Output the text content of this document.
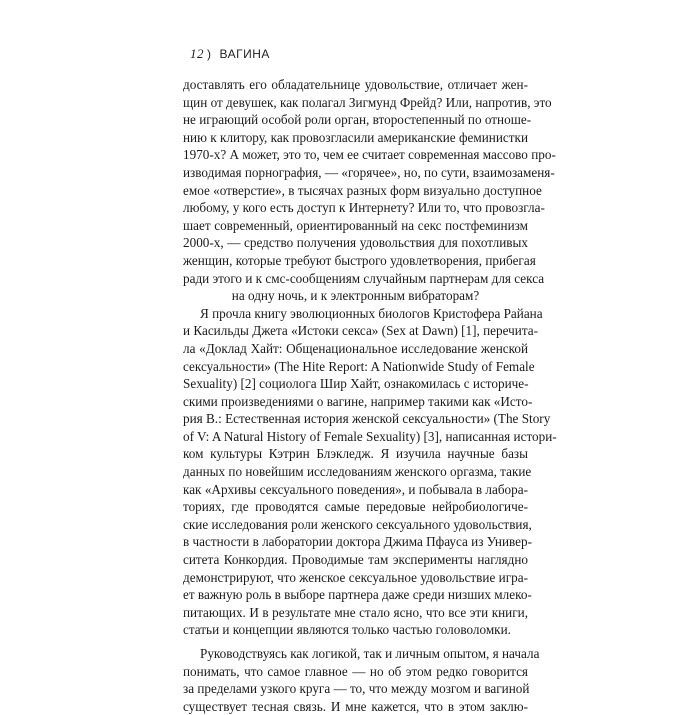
12 ) ВАГИНА
доставлять его обладательнице удовольствие, отличает жен-
щин от девушек, как полагал Зигмунд Фрейд? Или, напротив, это
не играющий особой роли орган, второстепенный по отноше-
нию к клитору, как провозгласили американские феминистки
1970-х? А может, это то, чем ее считает современная массово про-
изводимая порнография, — «горячее», но, по сути, взаимозаменя-
емое «отверстие», в тысячах разных форм визуально доступное
любому, у кого есть доступ к Интернету? Или то, что провозгла-
шает современный, ориентированный на секс постфеминизм
2000-х, — средство получения удовольствия для похотливых
женщин, которые требуют быстрого удовлетворения, прибегая
ради этого и к смс-сообщениям случайным партнерам для секса
на одну ночь, и к электронным вибраторам?
Я прочла книгу эволюционных биологов Кристофера Райана
и Касильды Джета «Истоки секса» (Sex at Dawn) [1], перечита-
ла «Доклад Хайт: Общенациональное исследование женской
сексуальности» (The Hite Report: A Nationwide Study of Female
Sexuality) [2] социолога Шир Хайт, ознакомилась с историче-
скими произведениями о вагине, например такими как «Исто-
рия В.: Естественная история женской сексуальности» (The Story
of V: A Natural History of Female Sexuality) [3], написанная истори-
ком культуры Кэтрин Блэкледж. Я изучила научные базы
данных по новейшим исследованиям женского оргазма, такие
как «Архивы сексуального поведения», и побывала в лабора-
ториях, где проводятся самые передовые нейробиологиче-
ские исследования роли женского сексуального удовольствия,
в частности в лаборатории доктора Джима Пфауса из Универ-
ситета Конкордия. Проводимые там эксперименты наглядно
демонстрируют, что женское сексуальное удовольствие игра-
ет важную роль в выборе партнера даже среди низших млеко-
питающих. И в результате мне стало ясно, что все эти книги,
статьи и концепции являются только частью головоломки.
Руководствуясь как логикой, так и личным опытом, я начала
понимать, что самое главное — но об этом редко говорится
за пределами узкого круга — то, что между мозгом и вагиной
существует тесная связь. И мне кажется, что в этом заклю-
